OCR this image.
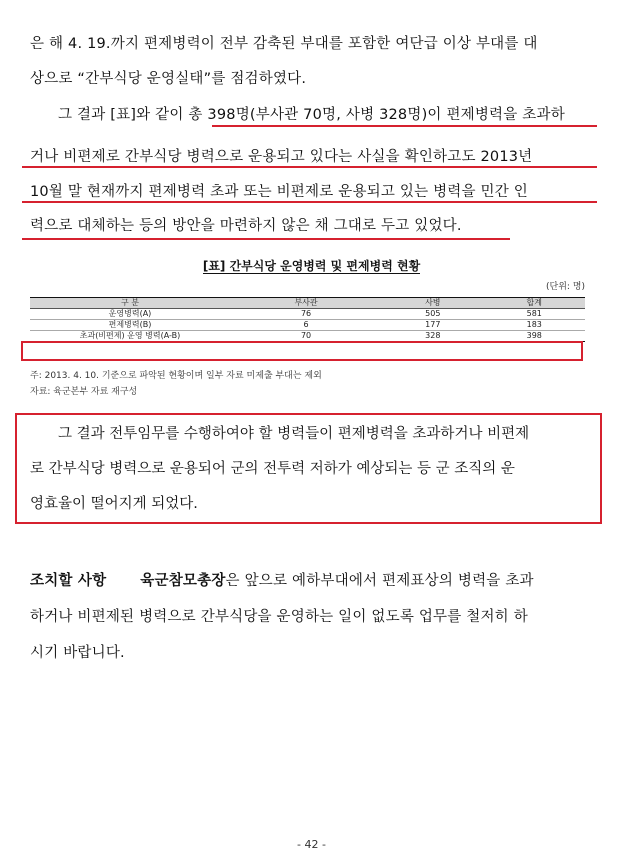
은 해 4. 19.까지 편제병력이 전부 감축된 부대를 포함한 여단급 이상 부대를 대
상으로 “간부식당 운영실태”를 점검하였다.
그 결과 [표]와 같이 총 398명(부사관 70명, 사병 328명)이 편제병력을 초과하
거나 비편제로 간부식당 병력으로 운용되고 있다는 사실을 확인하고도 2013년
10월 말 현재까지 편제병력 초과 또는 비편제로 운용되고 있는 병력을 민간 인
력으로 대체하는 등의 방안을 마련하지 않은 채 그대로 두고 있었다.
[표] 간부식당 운영병력 및 편제병력 현황
(단위: 명)
구 분	부사관	사병	합계
운영병력(A)	76	505	581
편제병력(B)	6	177	183
초과(비편제) 운영 병력(A-B)	70	328	398
주: 2013. 4. 10. 기준으로 파악된 현황이며 일부 자료 미제출 부대는 제외
자료: 육군본부 자료 재구성
그 결과 전투임무를 수행하여야 할 병력들이 편제병력을 초과하거나 비편제
로 간부식당 병력으로 운용되어 군의 전투력 저하가 예상되는 등 군 조직의 운
영효율이 떨어지게 되었다.
조치할 사항 육군참모총장은 앞으로 예하부대에서 편제표상의 병력을 초과
하거나 비편제된 병력으로 간부식당을 운영하는 일이 없도록 업무를 철저히 하
시기 바랍니다.
- 42 -
